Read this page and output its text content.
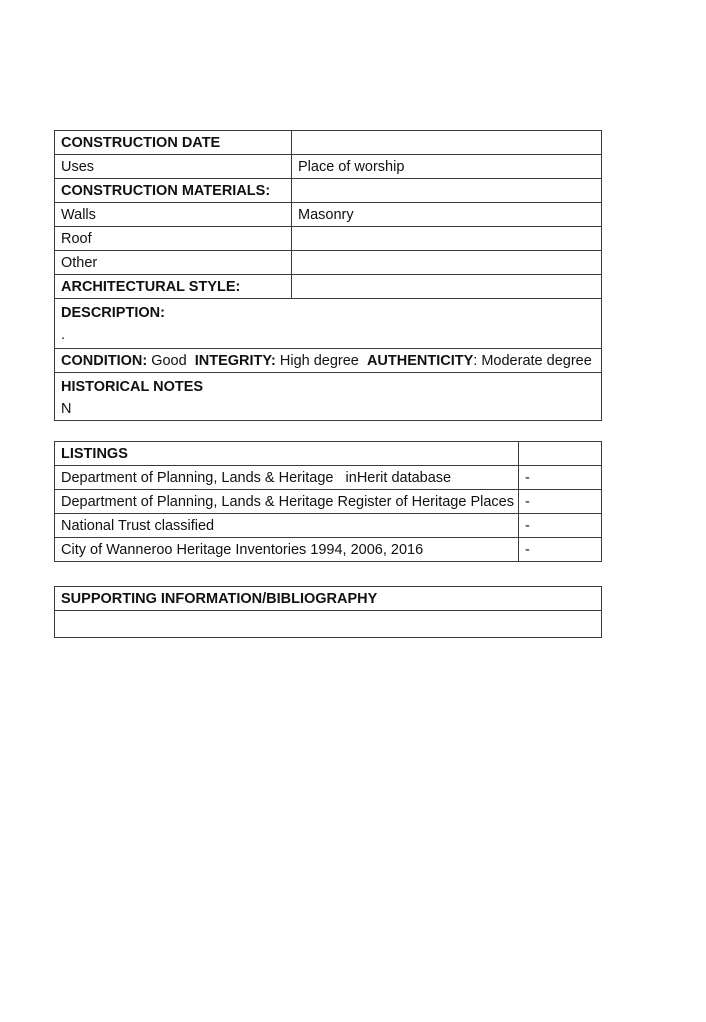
CONSTRUCTION DATE	
Uses	Place of worship
CONSTRUCTION MATERIALS:	
Walls	Masonry
Roof	
Other	
ARCHITECTURAL STYLE:	

DESCRIPTION:
.	

CONDITION: Good INTEGRITY: High degree AUTHENTICITY: Moderate degree	

HISTORICAL NOTES
N	
LISTINGS	
Department of Planning, Lands & Heritage   inHerit database	-
Department of Planning, Lands & Heritage Register of Heritage Places	-
National Trust classified	-
City of Wanneroo Heritage Inventories 1994, 2006, 2016	-
SUPPORTING INFORMATION/BIBLIOGRAPHY
